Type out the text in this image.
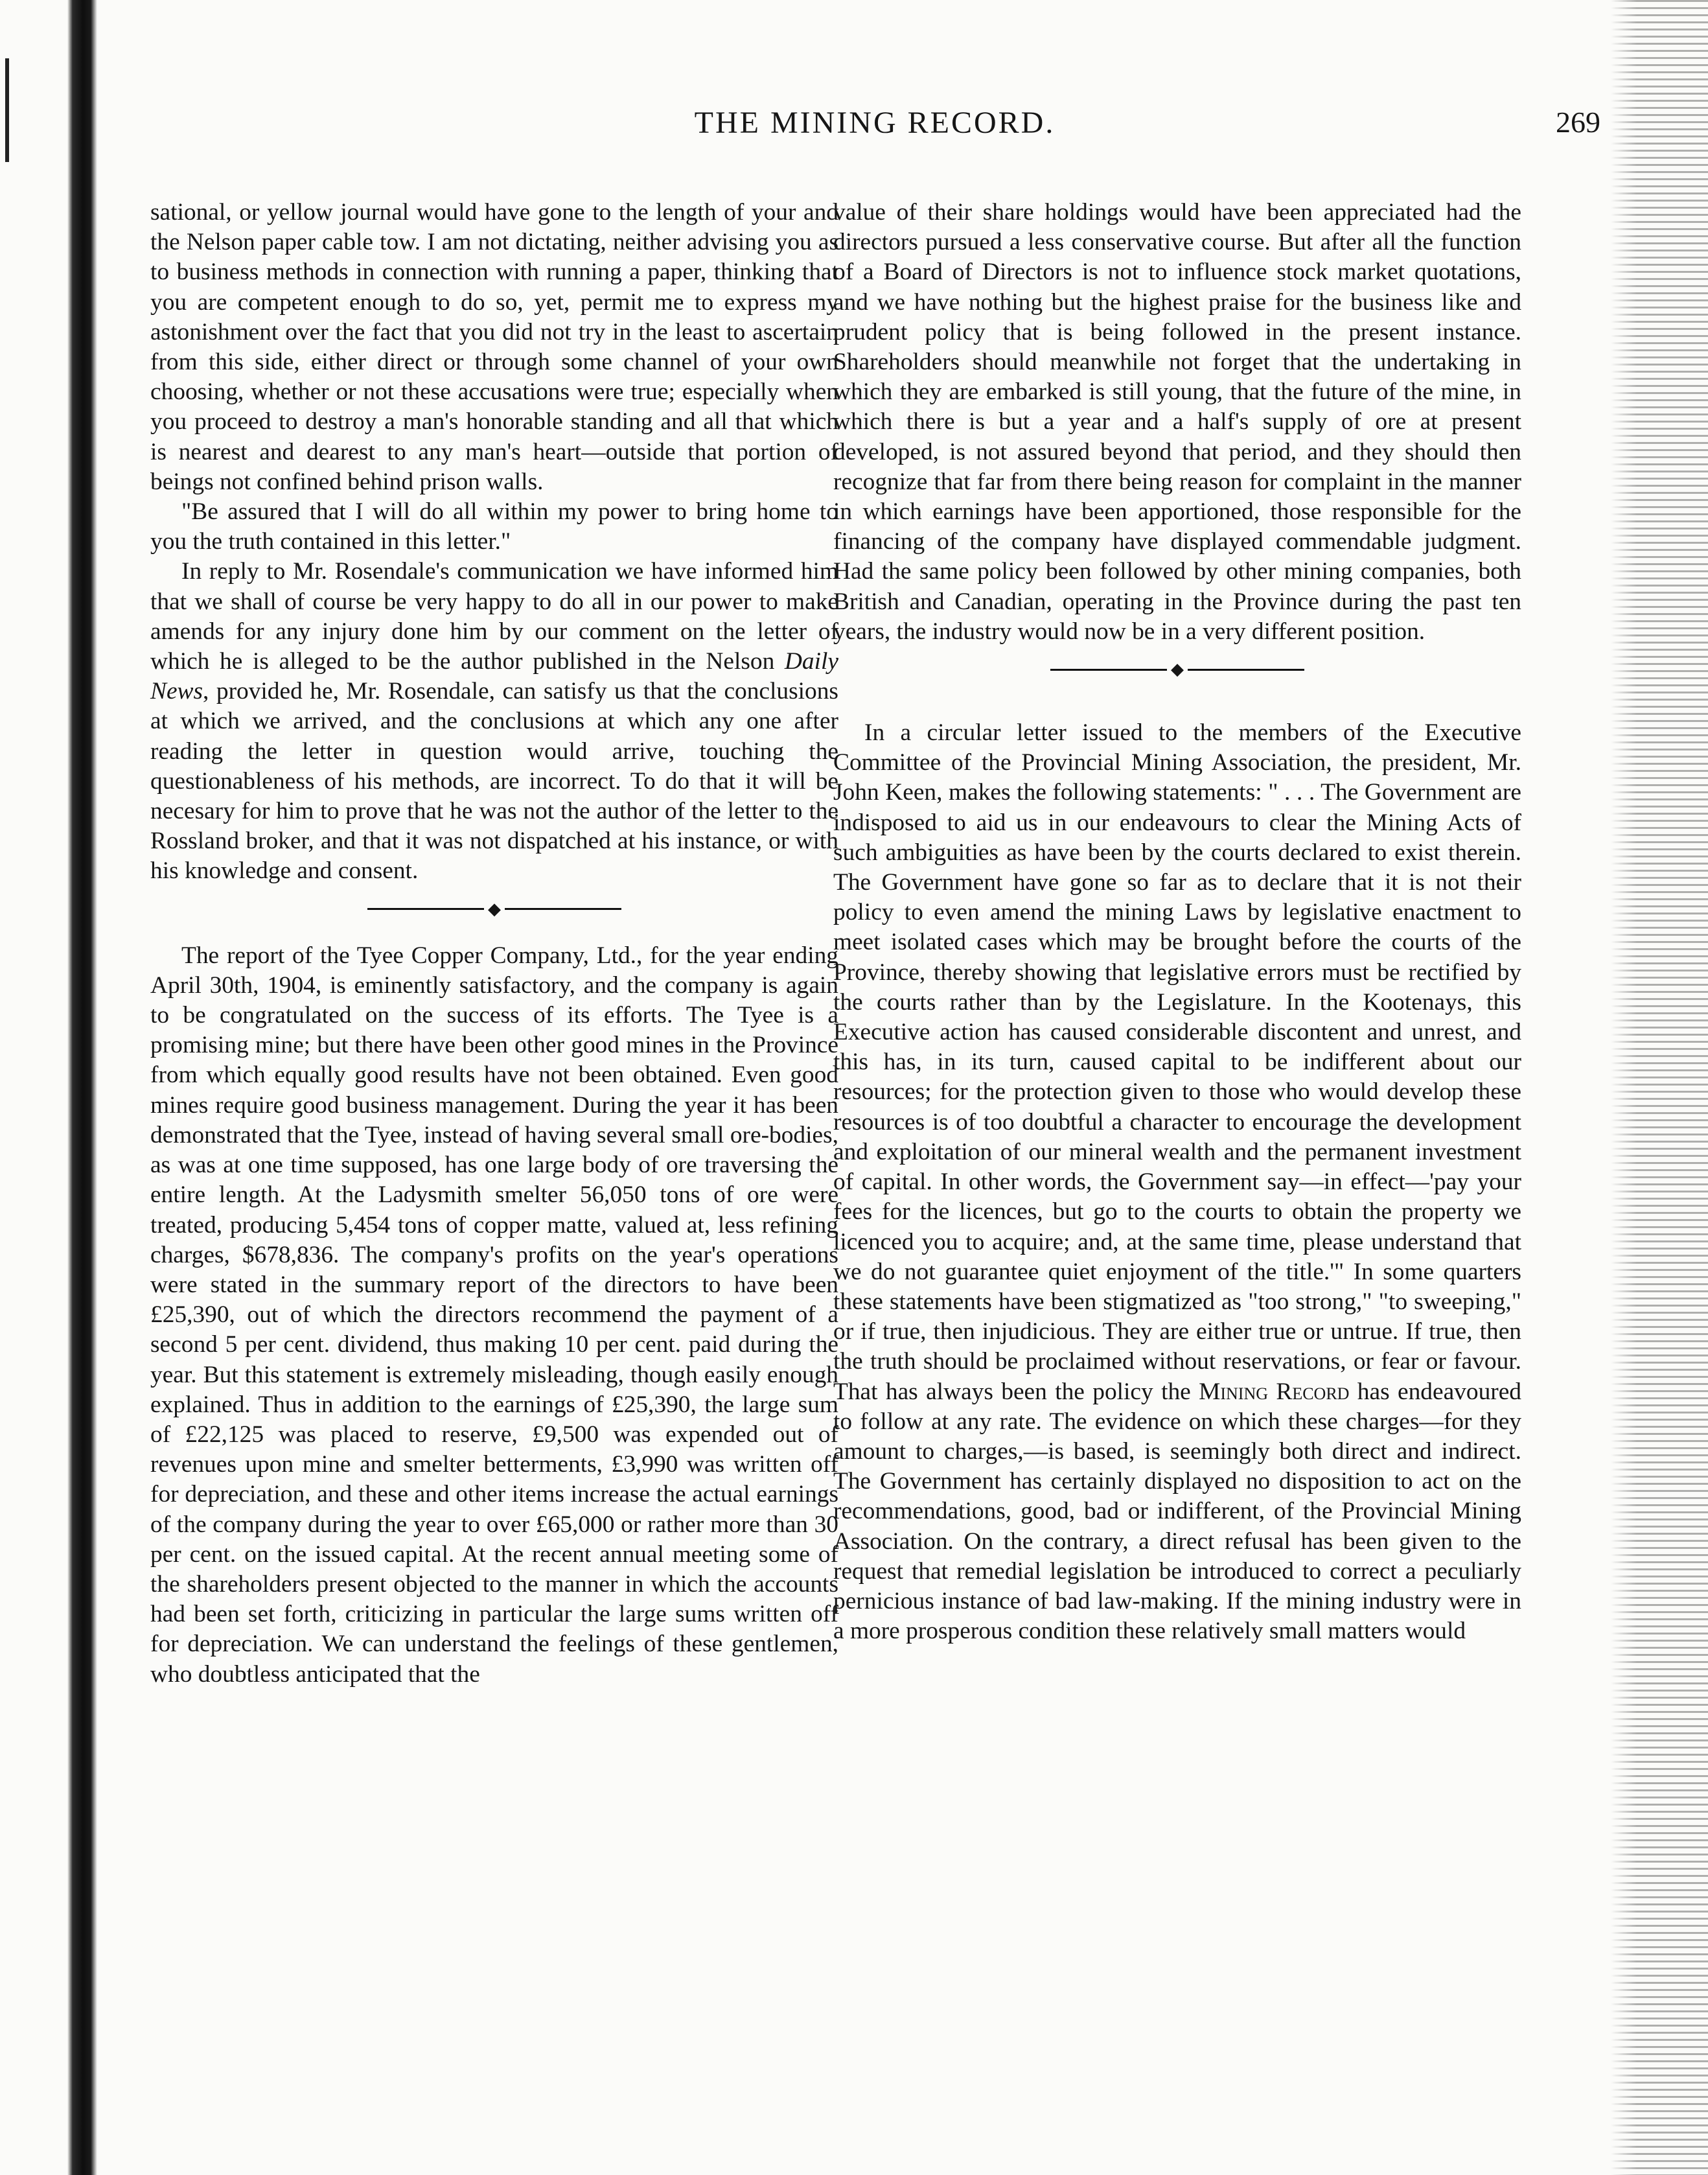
THE MINING RECORD.	269

sational, or yellow journal would have gone to the length of your and the Nelson paper cable tow. I am not dictating, neither advising you as to business methods in connection with running a paper, thinking that you are competent enough to do so, yet, permit me to express my astonishment over the fact that you did not try in the least to ascertain from this side, either direct or through some channel of your own choosing, whether or not these accusations were true; especially when you proceed to destroy a man's honorable standing and all that which is nearest and dearest to any man's heart—outside that portion of beings not confined behind prison walls.

"Be assured that I will do all within my power to bring home to you the truth contained in this letter."

In reply to Mr. Rosendale's communication we have informed him that we shall of course be very happy to do all in our power to make amends for any injury done him by our comment on the letter of which he is alleged to be the author published in the Nelson Daily News, provided he, Mr. Rosendale, can satisfy us that the conclusions at which we arrived, and the conclusions at which any one after reading the letter in question would arrive, touching the questionableness of his methods, are incorrect. To do that it will be necesary for him to prove that he was not the author of the letter to the Rossland broker, and that it was not dispatched at his instance, or with his knowledge and consent.

◆

The report of the Tyee Copper Company, Ltd., for the year ending April 30th, 1904, is eminently satisfactory, and the company is again to be congratulated on the success of its efforts. The Tyee is a promising mine; but there have been other good mines in the Province from which equally good results have not been obtained. Even good mines require good business management. During the year it has been demonstrated that the Tyee, instead of having several small ore-bodies, as was at one time supposed, has one large body of ore traversing the entire length. At the Ladysmith smelter 56,050 tons of ore were treated, producing 5,454 tons of copper matte, valued at, less refining charges, $678,836. The company's profits on the year's operations were stated in the summary report of the directors to have been £25,390, out of which the directors recommend the payment of a second 5 per cent. dividend, thus making 10 per cent. paid during the year. But this statement is extremely misleading, though easily enough explained. Thus in addition to the earnings of £25,390, the large sum of £22,125 was placed to reserve, £9,500 was expended out of revenues upon mine and smelter betterments, £3,990 was written off for depreciation, and these and other items increase the actual earnings of the company during the year to over £65,000 or rather more than 30 per cent. on the issued capital. At the recent annual meeting some of the shareholders present objected to the manner in which the accounts had been set forth, criticizing in particular the large sums written off for depreciation. We can understand the feelings of these gentlemen, who doubtless anticipated that the

value of their share holdings would have been appreciated had the directors pursued a less conservative course. But after all the function of a Board of Directors is not to influence stock market quotations, and we have nothing but the highest praise for the business like and prudent policy that is being followed in the present instance. Shareholders should meanwhile not forget that the undertaking in which they are embarked is still young, that the future of the mine, in which there is but a year and a half's supply of ore at present developed, is not assured beyond that period, and they should then recognize that far from there being reason for complaint in the manner in which earnings have been apportioned, those responsible for the financing of the company have displayed commendable judgment. Had the same policy been followed by other mining companies, both British and Canadian, operating in the Province during the past ten years, the industry would now be in a very different position.

◆

In a circular letter issued to the members of the Executive Committee of the Provincial Mining Association, the president, Mr. John Keen, makes the following statements: " . . . The Government are indisposed to aid us in our endeavours to clear the Mining Acts of such ambiguities as have been by the courts declared to exist therein. The Government have gone so far as to declare that it is not their policy to even amend the mining Laws by legislative enactment to meet isolated cases which may be brought before the courts of the Province, thereby showing that legislative errors must be rectified by the courts rather than by the Legislature. In the Kootenays, this Executive action has caused considerable discontent and unrest, and this has, in its turn, caused capital to be indifferent about our resources; for the protection given to those who would develop these resources is of too doubtful a character to encourage the development and exploitation of our mineral wealth and the permanent investment of capital. In other words, the Government say—in effect—'pay your fees for the licences, but go to the courts to obtain the property we licenced you to acquire; and, at the same time, please understand that we do not guarantee quiet enjoyment of the title.'" In some quarters these statements have been stigmatized as "too strong," "to sweeping," or if true, then injudicious. They are either true or untrue. If true, then the truth should be proclaimed without reservations, or fear or favour. That has always been the policy the Mining Record has endeavoured to follow at any rate. The evidence on which these charges—for they amount to charges,—is based, is seemingly both direct and indirect. The Government has certainly displayed no disposition to act on the recommendations, good, bad or indifferent, of the Provincial Mining Association. On the contrary, a direct refusal has been given to the request that remedial legislation be introduced to correct a peculiarly pernicious instance of bad law-making. If the mining industry were in a more prosperous condition these relatively small matters would
